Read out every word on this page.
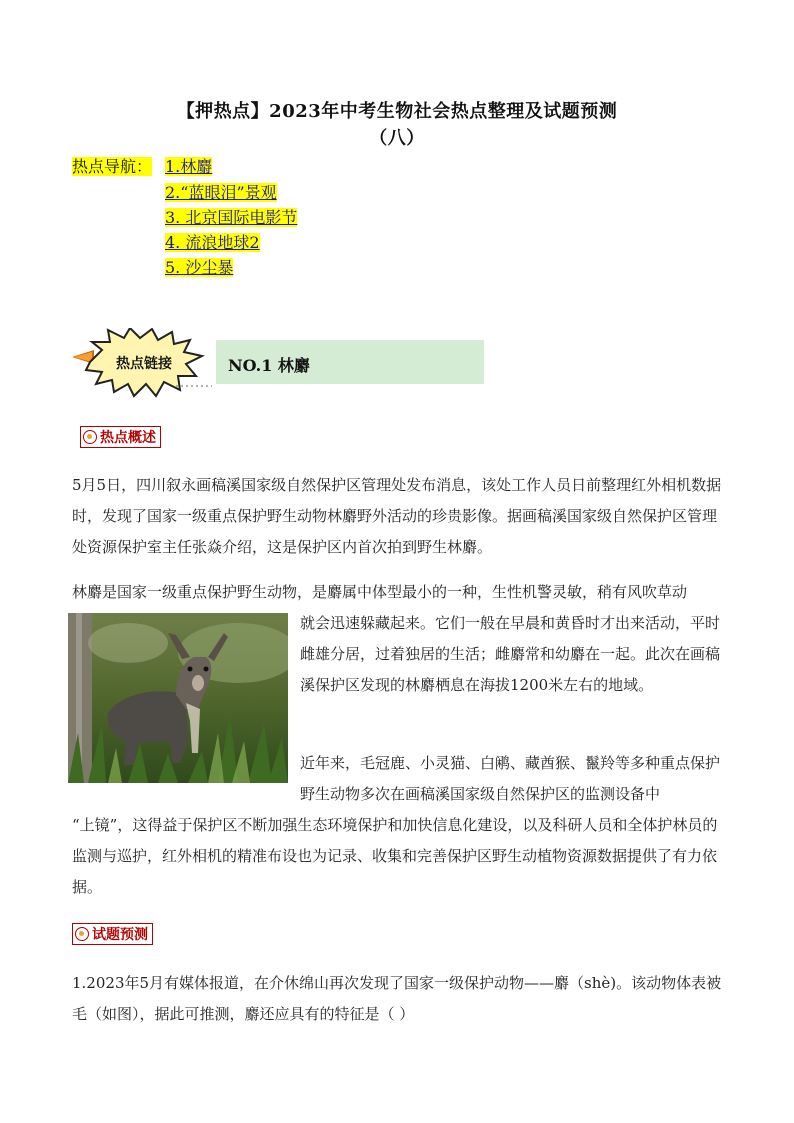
【押热点】2023年中考生物社会热点整理及试题预测
（八）
热点导航： 1.林麝
2.“蓝眼泪”景观
3. 北京国际电影节
4. 流浪地球2
5. 沙尘暴
热点链接	NO.1 林麝
热点概述
5月5日，四川叙永画稿溪国家级自然保护区管理处发布消息，该处工作人员日前整理红外相机数据时，发现了国家一级重点保护野生动物林麝野外活动的珍贵影像。据画稿溪国家级自然保护区管理处资源保护室主任张焱介绍，这是保护区内首次拍到野生林麝。
林麝是国家一级重点保护野生动物，是麝属中体型最小的一种，生性机警灵敏，稍有风吹草动
就会迅速躲藏起来。它们一般在早晨和黄昏时才出来活动，平时雌雄分居，过着独居的生活；雌麝常和幼麝在一起。此次在画稿溪保护区发现的林麝栖息在海拔1200米左右的地域。
近年来，毛冠鹿、小灵猫、白鹇、藏酋猴、鬣羚等多种重点保护野生动物多次在画稿溪国家级自然保护区的监测设备中
“上镜”，这得益于保护区不断加强生态环境保护和加快信息化建设，以及科研人员和全体护林员的监测与巡护，红外相机的精准布设也为记录、收集和完善保护区野生动植物资源数据提供了有力依据。
试题预测
1.2023年5月有媒体报道，在介休绵山再次发现了国家一级保护动物——麝（shè)。该动物体表被毛（如图），据此可推测，麝还应具有的特征是（ ）
